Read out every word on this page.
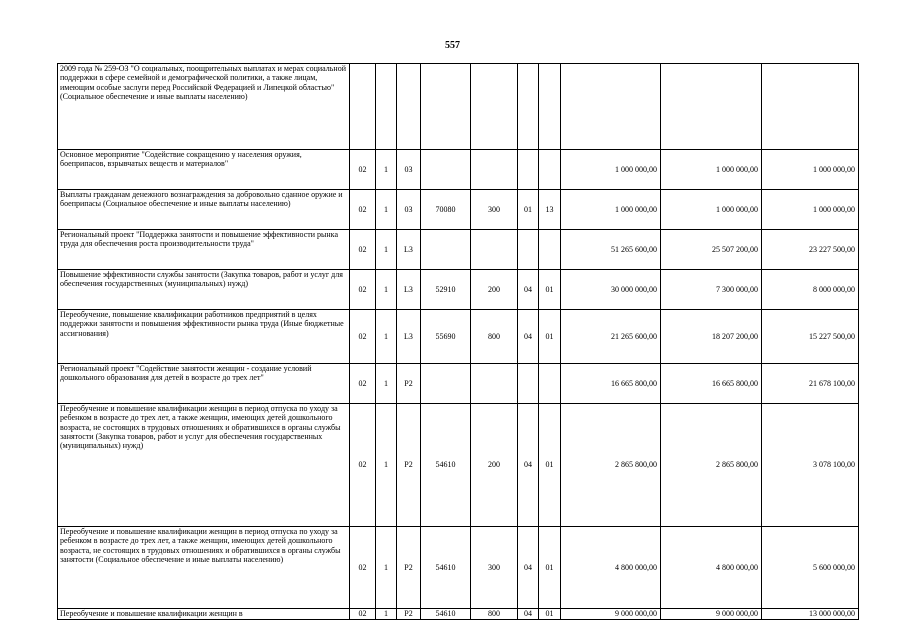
557
2009 года № 259-ОЗ "О социальных, поощрительных выплатах и мерах социальной поддержки в сфере семейной и демографической политики, а также лицам, имеющим особые заслуги перед Российской Федерацией и Липецкой областью" (Социальное обеспечение и иные выплаты населению)										
Основное мероприятие "Содействие сокращению у населения оружия, боеприпасов, взрывчатых веществ и материалов"	02	1	03					1 000 000,00	1 000 000,00	1 000 000,00
Выплаты гражданам денежного вознаграждения за добровольно сданное оружие и боеприпасы (Социальное обеспечение и иные выплаты населению)	02	1	03	70080	300	01	13	1 000 000,00	1 000 000,00	1 000 000,00
Региональный проект "Поддержка занятости и повышение эффективности рынка труда для обеспечения роста производительности труда"	02	1	L3					51 265 600,00	25 507 200,00	23 227 500,00
Повышение эффективности службы занятости (Закупка товаров, работ и услуг для обеспечения государственных (муниципальных) нужд)	02	1	L3	52910	200	04	01	30 000 000,00	7 300 000,00	8 000 000,00
Переобучение, повышение квалификации работников предприятий в целях поддержки занятости и повышения эффективности рынка труда (Иные бюджетные ассигнования)	02	1	L3	55690	800	04	01	21 265 600,00	18 207 200,00	15 227 500,00
Региональный проект "Содействие занятости женщин - создание условий дошкольного образования для детей в возрасте до трех лет"	02	1	P2					16 665 800,00	16 665 800,00	21 678 100,00
Переобучение и повышение квалификации женщин в период отпуска по уходу за ребенком в возрасте до трех лет, а также женщин, имеющих детей дошкольного возраста, не состоящих в трудовых отношениях и обратившихся в органы службы занятости (Закупка товаров, работ и услуг для обеспечения государственных (муниципальных) нужд)	02	1	P2	54610	200	04	01	2 865 800,00	2 865 800,00	3 078 100,00
Переобучение и повышение квалификации женщин в период отпуска по уходу за ребенком в возрасте до трех лет, а также женщин, имеющих детей дошкольного возраста, не состоящих в трудовых отношениях и обратившихся в органы службы занятости (Социальное обеспечение и иные выплаты населению)	02	1	P2	54610	300	04	01	4 800 000,00	4 800 000,00	5 600 000,00
Переобучение и повышение квалификации женщин в	02	1	P2	54610	800	04	01	9 000 000,00	9 000 000,00	13 000 000,00
